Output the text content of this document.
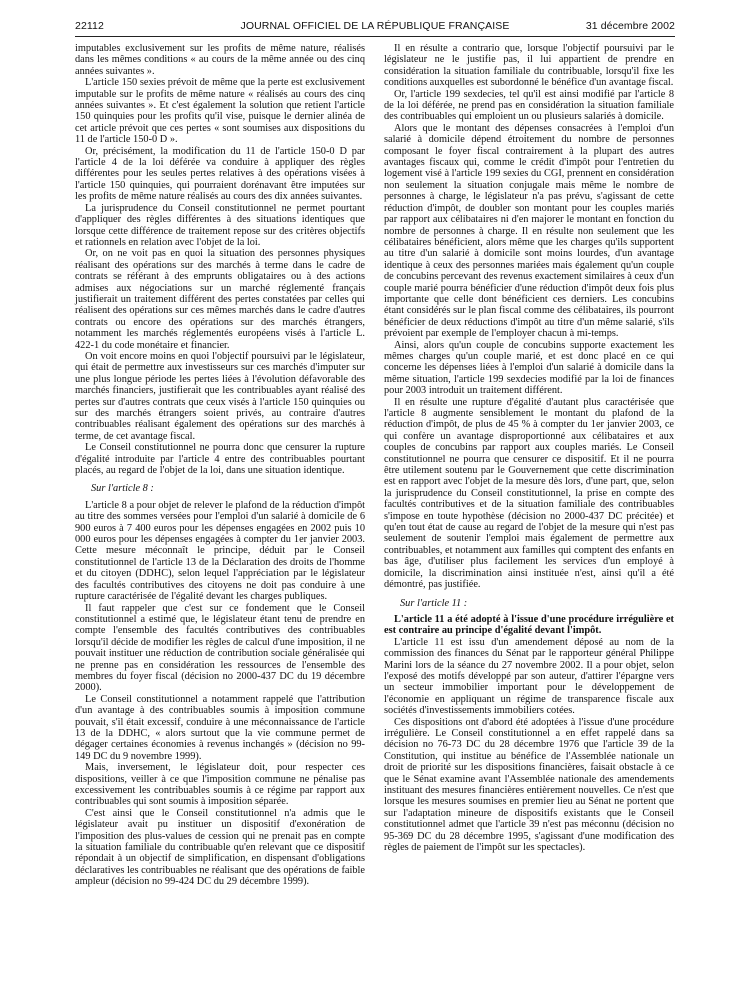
22112	JOURNAL OFFICIEL DE LA RÉPUBLIQUE FRANÇAISE	31 décembre 2002

imputables exclusivement sur les profits de même nature, réalisés dans les mêmes conditions « au cours de la même année ou des cinq années suivantes ».

L'article 150 sexies prévoit de même que la perte est exclusivement imputable sur le profits de même nature « réalisés au cours des cinq années suivantes ». Et c'est également la solution que retient l'article 150 quinquies pour les profits qu'il vise, puisque le dernier alinéa de cet article prévoit que ces pertes « sont soumises aux dispositions du 11 de l'article 150-0 D ».

Or, précisément, la modification du 11 de l'article 150-0 D par l'article 4 de la loi déférée va conduire à appliquer des règles différentes pour les seules pertes relatives à des opérations visées à l'article 150 quinquies, qui pourraient dorénavant être imputées sur les profits de même nature réalisés au cours des dix années suivantes.

La jurisprudence du Conseil constitutionnel ne permet pourtant d'appliquer des règles différentes à des situations identiques que lorsque cette différence de traitement repose sur des critères objectifs et rationnels en relation avec l'objet de la loi.

Or, on ne voit pas en quoi la situation des personnes physiques réalisant des opérations sur des marchés à terme dans le cadre de contrats se référant à des emprunts obligataires ou à des actions admises aux négociations sur un marché réglementé français justifierait un traitement différent des pertes constatées par celles qui réalisent des opérations sur ces mêmes marchés dans le cadre d'autres contrats ou encore des opérations sur des marchés étrangers, notamment les marchés réglementés européens visés à l'article L. 422-1 du code monétaire et financier.

On voit encore moins en quoi l'objectif poursuivi par le législateur, qui était de permettre aux investisseurs sur ces marchés d'imputer sur une plus longue période les pertes liées à l'évolution défavorable des marchés financiers, justifierait que les contribuables ayant réalisé des pertes sur d'autres contrats que ceux visés à l'article 150 quinquies ou sur des marchés étrangers soient privés, au contraire d'autres contribuables réalisant également des opérations sur des marchés à terme, de cet avantage fiscal.

Le Conseil constitutionnel ne pourra donc que censurer la rupture d'égalité introduite par l'article 4 entre des contribuables pourtant placés, au regard de l'objet de la loi, dans une situation identique.

Sur l'article 8 :

L'article 8 a pour objet de relever le plafond de la réduction d'impôt au titre des sommes versées pour l'emploi d'un salarié à domicile de 6 900 euros à 7 400 euros pour les dépenses engagées en 2002 puis 10 000 euros pour les dépenses engagées à compter du 1er janvier 2003. Cette mesure méconnaît le principe, déduit par le Conseil constitutionnel de l'article 13 de la Déclaration des droits de l'homme et du citoyen (DDHC), selon lequel l'appréciation par le législateur des facultés contributives des citoyens ne doit pas conduire à une rupture caractérisée de l'égalité devant les charges publiques.

Il faut rappeler que c'est sur ce fondement que le Conseil constitutionnel a estimé que, le législateur étant tenu de prendre en compte l'ensemble des facultés contributives des contribuables lorsqu'il décide de modifier les règles de calcul d'une imposition, il ne pouvait instituer une réduction de contribution sociale généralisée qui ne prenne pas en considération les ressources de l'ensemble des membres du foyer fiscal (décision no 2000-437 DC du 19 décembre 2000).

Le Conseil constitutionnel a notamment rappelé que l'attribution d'un avantage à des contribuables soumis à imposition commune pouvait, s'il était excessif, conduire à une méconnaissance de l'article 13 de la DDHC, « alors surtout que la vie commune permet de dégager certaines économies à revenus inchangés » (décision no 99-149 DC du 9 novembre 1999).

Mais, inversement, le législateur doit, pour respecter ces dispositions, veiller à ce que l'imposition commune ne pénalise pas excessivement les contribuables soumis à ce régime par rapport aux contribuables qui sont soumis à imposition séparée.

C'est ainsi que le Conseil constitutionnel n'a admis que le législateur avait pu instituer un dispositif d'exonération de l'imposition des plus-values de cession qui ne prenait pas en compte la situation familiale du contribuable qu'en relevant que ce dispositif répondait à un objectif de simplification, en dispensant d'obligations déclaratives les contribuables ne réalisant que des opérations de faible ampleur (décision no 99-424 DC du 29 décembre 1999).

Il en résulte a contrario que, lorsque l'objectif poursuivi par le législateur ne le justifie pas, il lui appartient de prendre en considération la situation familiale du contribuable, lorsqu'il fixe les conditions auxquelles est subordonné le bénéfice d'un avantage fiscal.

Or, l'article 199 sexdecies, tel qu'il est ainsi modifié par l'article 8 de la loi déférée, ne prend pas en considération la situation familiale des contribuables qui emploient un ou plusieurs salariés à domicile.

Alors que le montant des dépenses consacrées à l'emploi d'un salarié à domicile dépend étroitement du nombre de personnes composant le foyer fiscal contrairement à la plupart des autres avantages fiscaux qui, comme le crédit d'impôt pour l'entretien du logement visé à l'article 199 sexies du CGI, prennent en considération non seulement la situation conjugale mais même le nombre de personnes à charge, le législateur n'a pas prévu, s'agissant de cette réduction d'impôt, de doubler son montant pour les couples mariés par rapport aux célibataires ni d'en majorer le montant en fonction du nombre de personnes à charge. Il en résulte non seulement que les célibataires bénéficient, alors même que les charges qu'ils supportent au titre d'un salarié à domicile sont moins lourdes, d'un avantage identique à ceux des personnes mariées mais également qu'un couple de concubins percevant des revenus exactement similaires à ceux d'un couple marié pourra bénéficier d'une réduction d'impôt deux fois plus importante que celle dont bénéficient ces derniers. Les concubins étant considérés sur le plan fiscal comme des célibataires, ils pourront bénéficier de deux réductions d'impôt au titre d'un même salarié, s'ils prévoient par exemple de l'employer chacun à mi-temps.

Ainsi, alors qu'un couple de concubins supporte exactement les mêmes charges qu'un couple marié, et est donc placé en ce qui concerne les dépenses liées à l'emploi d'un salarié à domicile dans la même situation, l'article 199 sexdecies modifié par la loi de finances pour 2003 introduit un traitement différent.

Il en résulte une rupture d'égalité d'autant plus caractérisée que l'article 8 augmente sensiblement le montant du plafond de la réduction d'impôt, de plus de 45 % à compter du 1er janvier 2003, ce qui confère un avantage disproportionné aux célibataires et aux couples de concubins par rapport aux couples mariés. Le Conseil constitutionnel ne pourra que censurer ce dispositif. Et il ne pourra être utilement soutenu par le Gouvernement que cette discrimination est en rapport avec l'objet de la mesure dès lors, d'une part, que, selon la jurisprudence du Conseil constitutionnel, la prise en compte des facultés contributives et de la situation familiale des contribuables s'impose en toute hypothèse (décision no 2000-437 DC précitée) et qu'en tout état de cause au regard de l'objet de la mesure qui n'est pas seulement de soutenir l'emploi mais également de permettre aux contribuables, et notamment aux familles qui comptent des enfants en bas âge, d'utiliser plus facilement les services d'un employé à domicile, la discrimination ainsi instituée n'est, ainsi qu'il a été démontré, pas justifiée.

Sur l'article 11 :

L'article 11 a été adopté à l'issue d'une procédure irrégulière et est contraire au principe d'égalité devant l'impôt.

L'article 11 est issu d'un amendement déposé au nom de la commission des finances du Sénat par le rapporteur général Philippe Marini lors de la séance du 27 novembre 2002. Il a pour objet, selon l'exposé des motifs développé par son auteur, d'attirer l'épargne vers un secteur immobilier important pour le développement de l'économie en appliquant un régime de transparence fiscale aux sociétés d'investissements immobiliers cotées.

Ces dispositions ont d'abord été adoptées à l'issue d'une procédure irrégulière. Le Conseil constitutionnel a en effet rappelé dans sa décision no 76-73 DC du 28 décembre 1976 que l'article 39 de la Constitution, qui institue au bénéfice de l'Assemblée nationale un droit de priorité sur les dispositions financières, faisait obstacle à ce que le Sénat examine avant l'Assemblée nationale des amendements instituant des mesures financières entièrement nouvelles. Ce n'est que lorsque les mesures soumises en premier lieu au Sénat ne portent que sur l'adaptation mineure de dispositifs existants que le Conseil constitutionnel admet que l'article 39 n'est pas méconnu (décision no 95-369 DC du 28 décembre 1995, s'agissant d'une modification des règles de paiement de l'impôt sur les spectacles).
